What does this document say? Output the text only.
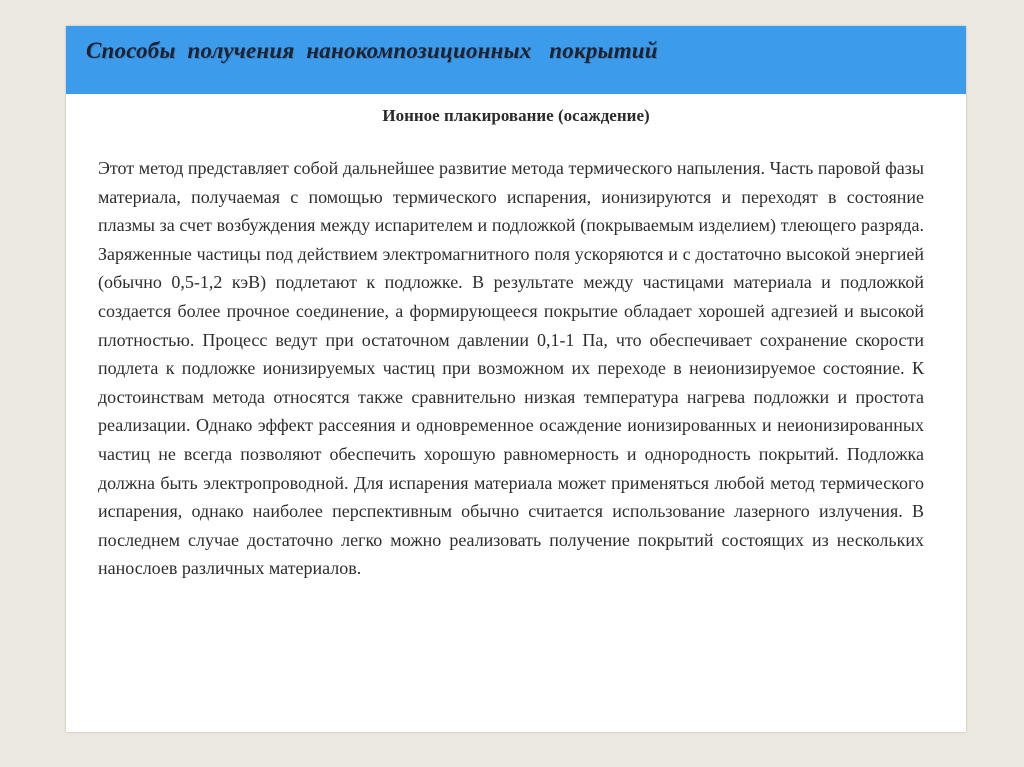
Способы  получения  нанокомпозиционных   покрытий
Ионное плакирование (осаждение)

Этот метод представляет собой дальнейшее развитие метода термического напыления. Часть паровой фазы материала, получаемая с помощью термического испарения, ионизируются и переходят в состояние плазмы за счет возбуждения между испарителем и подложкой (покрываемым изделием) тлеющего разряда. Заряженные частицы под действием электромагнитного поля ускоряются и с достаточно высокой энергией (обычно 0,5-1,2 кэВ) подлетают к подложке. В результате между частицами материала и подложкой создается более прочное соединение, а формирующееся покрытие обладает хорошей адгезией и высокой плотностью. Процесс ведут при остаточном давлении 0,1-1 Па, что обеспечивает сохранение скорости подлета к подложке ионизируемых частиц при возможном их переходе в неионизируемое состояние. К достоинствам метода относятся также сравнительно низкая температура нагрева подложки и простота реализации. Однако эффект рассеяния и одновременное осаждение ионизированных и неионизированных частиц не всегда позволяют обеспечить хорошую равномерность и однородность покрытий. Подложка должна быть электропроводной. Для испарения материала может применяться любой метод термического испарения, однако наиболее перспективным обычно считается использование лазерного излучения. В последнем случае достаточно легко можно реализовать получение покрытий состоящих из нескольких нанослоев различных материалов.
